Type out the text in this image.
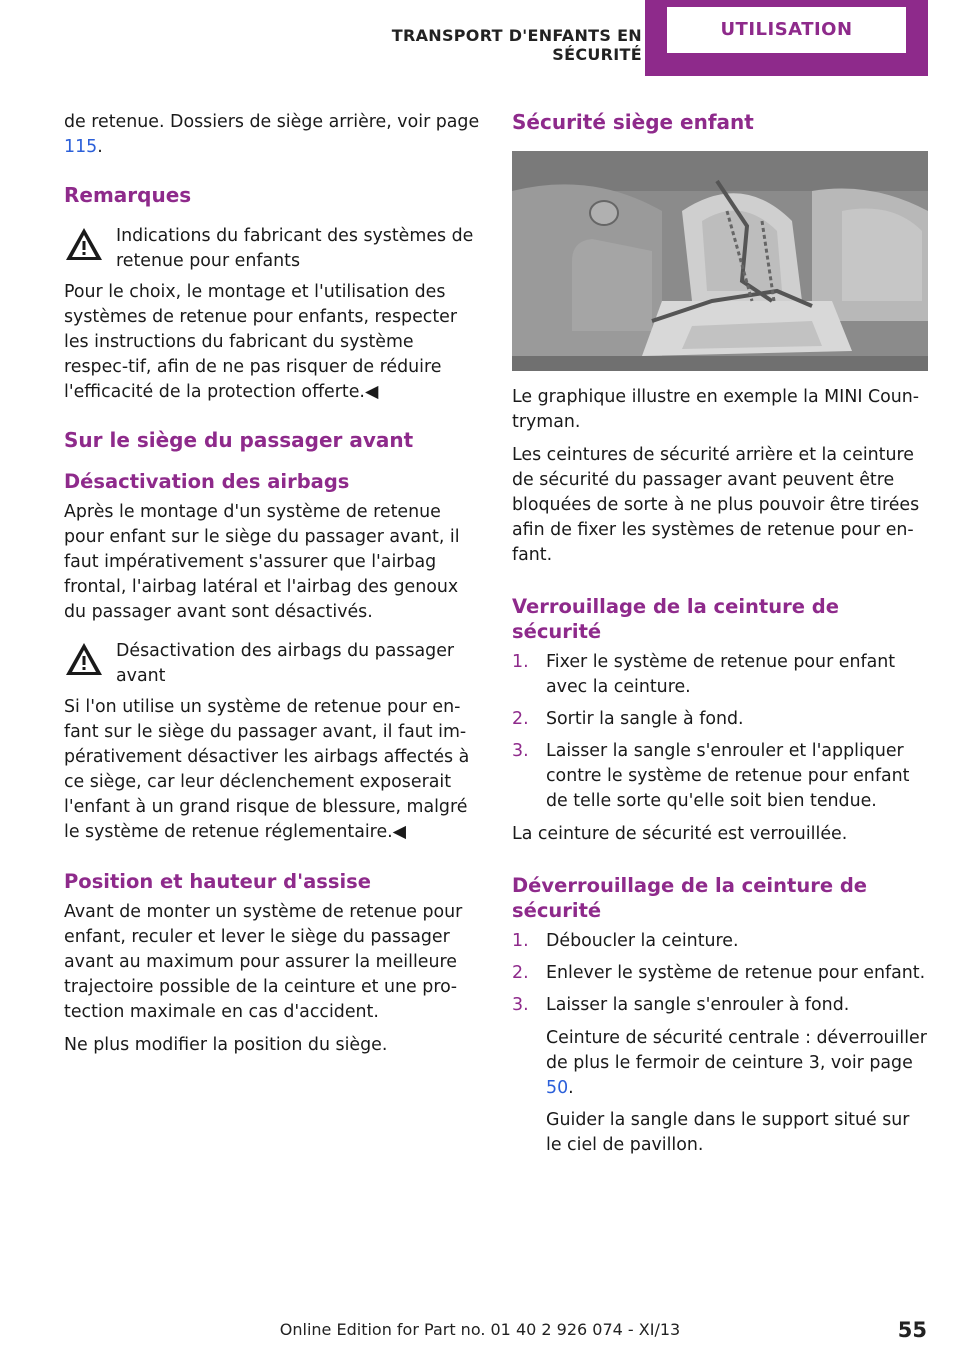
TRANSPORT D'ENFANTS EN SÉCURITÉ
UTILISATION

de retenue. Dossiers de siège arrière, voir page 115.

Remarques
Indications du fabricant des systèmes de retenue pour enfants

Pour le choix, le montage et l'utilisation des systèmes de retenue pour enfants, respecter les instructions du fabricant du système respec‐tif, afin de ne pas risquer de réduire l'efficacité de la protection offerte.◀

Sur le siège du passager avant
Désactivation des airbags

Après le montage d'un système de retenue pour enfant sur le siège du passager avant, il faut impérativement s'assurer que l'airbag frontal, l'airbag latéral et l'airbag des genoux du passager avant sont désactivés.

Désactivation des airbags du passager avant

Si l'on utilise un système de retenue pour en‐fant sur le siège du passager avant, il faut im‐pérativement désactiver les airbags affectés à ce siège, car leur déclenchement exposerait l'enfant à un grand risque de blessure, malgré le système de retenue réglementaire.◀

Position et hauteur d'assise

Avant de monter un système de retenue pour enfant, reculer et lever le siège du passager avant au maximum pour assurer la meilleure trajectoire possible de la ceinture et une pro‐tection maximale en cas d'accident.

Ne plus modifier la position du siège.

Sécurité siège enfant

Le graphique illustre en exemple la MINI Coun‐tryman.

Les ceintures de sécurité arrière et la ceinture de sécurité du passager avant peuvent être bloquées de sorte à ne plus pouvoir être tirées afin de fixer les systèmes de retenue pour en‐fant.

Verrouillage de la ceinture de sécurité
1. Fixer le système de retenue pour enfant avec la ceinture.
2. Sortir la sangle à fond.
3. Laisser la sangle s'enrouler et l'appliquer contre le système de retenue pour enfant de telle sorte qu'elle soit bien tendue.

La ceinture de sécurité est verrouillée.

Déverrouillage de la ceinture de sécurité
1. Déboucler la ceinture.
2. Enlever le système de retenue pour enfant.
3. Laisser la sangle s'enrouler à fond.

Ceinture de sécurité centrale : déverrouiller de plus le fermoir de ceinture 3, voir page 50.

Guider la sangle dans le support situé sur le ciel de pavillon.

Online Edition for Part no. 01 40 2 926 074 - XI/13	55
